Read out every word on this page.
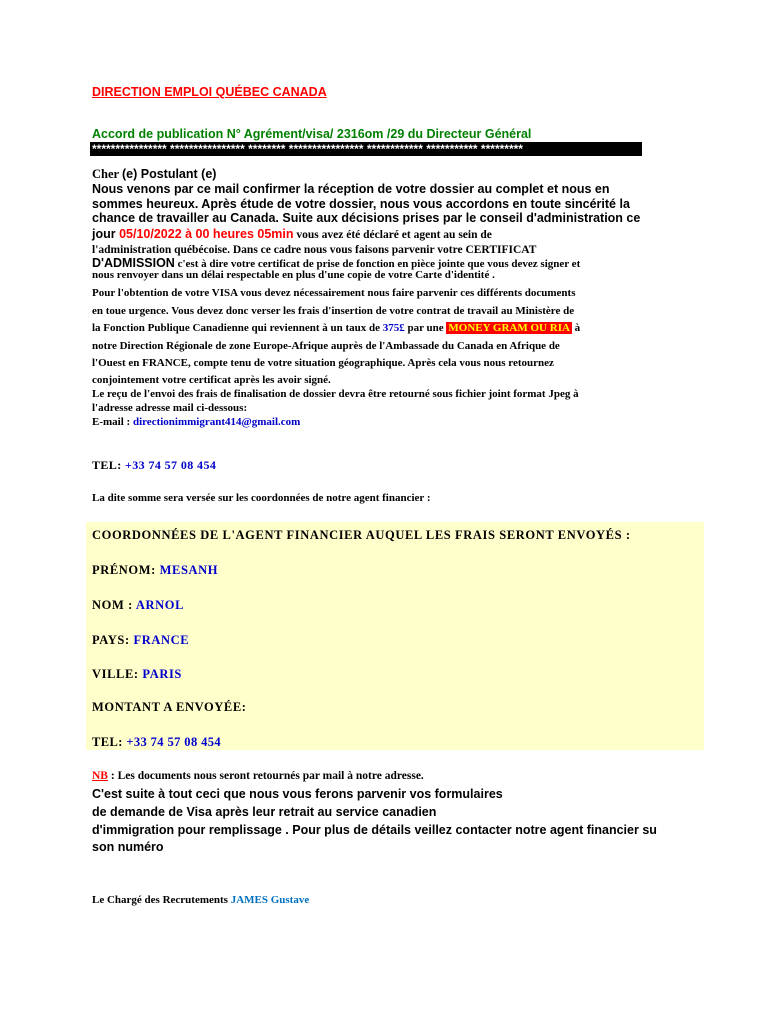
DIRECTION EMPLOI QUÉBEC CANADA
Accord de publication N° Agrément/visa/ 2316om /29 du Directeur Général
**************** **************** ******** **************** ************ *********** *********
Cher (e) Postulant (e)
Nous venons par ce mail confirmer la réception de votre dossier au complet et nous en
sommes heureux. Après étude de votre dossier, nous vous accordons en toute sincérité la
chance de travailler au Canada. Suite aux décisions prises par le conseil d'administration ce
jour 05/10/2022 à 00 heures 05min vous avez été déclaré et agent au sein de
l'administration québécoise. Dans ce cadre nous vous faisons parvenir votre CERTIFICAT
D'ADMISSION c'est à dire votre certificat de prise de fonction en pièce jointe que vous devez signer et
nous renvoyer dans un délai respectable en plus d'une copie de votre Carte d'identité .
Pour l'obtention de votre VISA vous devez nécessairement nous faire parvenir ces différents documents
en toue urgence. Vous devez donc verser les frais d'insertion de votre contrat de travail au Ministère de
la Fonction Publique Canadienne qui reviennent à un taux de 375£ par une MONEY GRAM OU RIA à
notre Direction Régionale de zone Europe-Afrique auprès de l'Ambassade du Canada en Afrique de
l'Ouest en FRANCE, compte tenu de votre situation géographique. Après cela vous nous retournez
conjointement votre certificat après les avoir signé.
Le reçu de l'envoi des frais de finalisation de dossier devra être retourné sous fichier joint format Jpeg à
l'adresse adresse mail ci-dessous:
E-mail : directionimmigrant414@gmail.com
TEL: +33 74 57 08 454
La dite somme sera versée sur les coordonnées de notre agent financier :
COORDONNÉES DE L'AGENT FINANCIER AUQUEL LES FRAIS SERONT ENVOYÉS :
PRÉNOM: MESANH
NOM : ARNOL
PAYS: FRANCE
VILLE: PARIS
MONTANT A ENVOYÉE:
TEL: +33 74 57 08 454
NB : Les documents nous seront retournés par mail à notre adresse.
C'est suite à tout ceci que nous vous ferons parvenir vos formulaires
de demande de Visa après leur retrait au service canadien
d'immigration pour remplissage . Pour plus de détails veillez contacter notre agent financier su
son numéro
Le Chargé des Recrutements JAMES Gustave
